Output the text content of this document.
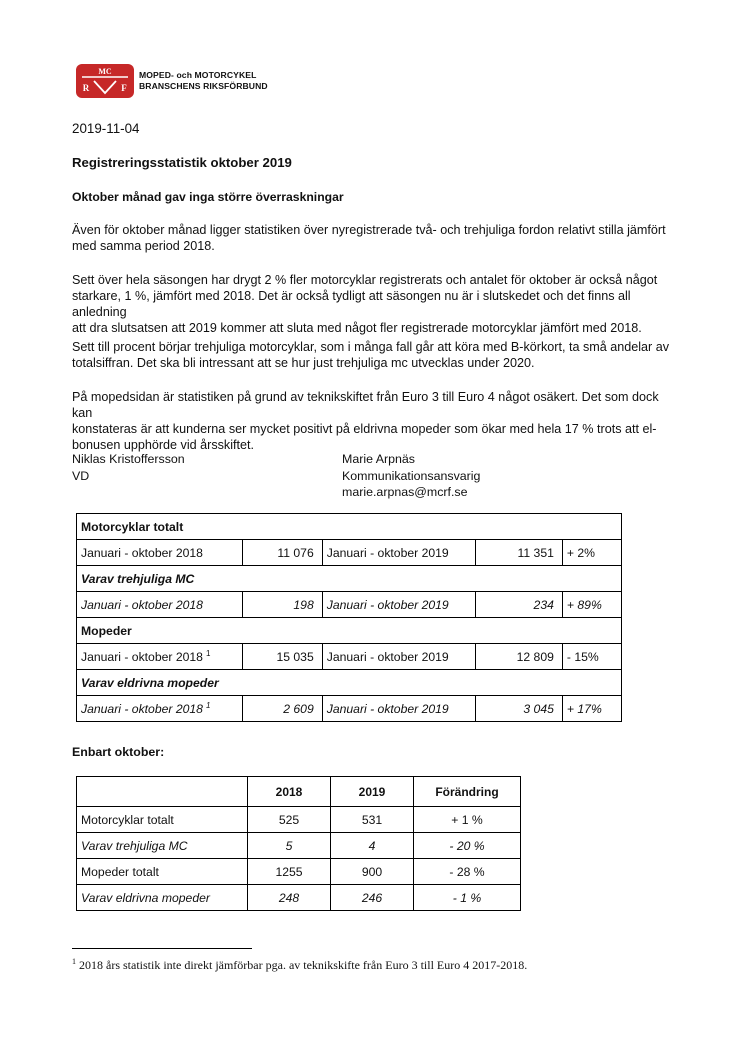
MC
R	F
MOPED- och MOTORCYKEL
BRANSCHENS RIKSFÖRBUND
2019-11-04
Registreringsstatistik oktober 2019
Oktober månad gav inga större överraskningar
Även för oktober månad ligger statistiken över nyregistrerade två- och trehjuliga fordon relativt stilla jämfört
med samma period 2018.
Sett över hela säsongen har drygt 2 % fler motorcyklar registrerats och antalet för oktober är också något
starkare, 1 %, jämfört med 2018. Det är också tydligt att säsongen nu är i slutskedet och det finns all anledning
att dra slutsatsen att 2019 kommer att sluta med något fler registrerade motorcyklar jämfört med 2018.
Sett till procent börjar trehjuliga motorcyklar, som i många fall går att köra med B-körkort, ta små andelar av
totalsiffran. Det ska bli intressant att se hur just trehjuliga mc utvecklas under 2020.
På mopedsidan är statistiken på grund av teknikskiftet från Euro 3 till Euro 4 något osäkert. Det som dock kan
konstateras är att kunderna ser mycket positivt på eldrivna mopeder som ökar med hela 17 % trots att el-
bonusen upphörde vid årsskiftet.
Niklas Kristoffersson
VD
Marie Arpnäs
Kommunikationsansvarig
marie.arpnas@mcrf.se
Motorcyklar totalt				
Januari - oktober 2018	11 076	Januari - oktober 2019	11 351	+ 2%
Varav trehjuliga MC				
Januari - oktober 2018	198	Januari - oktober 2019	234	+ 89%
Mopeder				
Januari - oktober 2018 $^1$	15 035	Januari - oktober 2019	12 809	- 15%
Varav eldrivna mopeder				
Januari - oktober 2018 $^1$	2 609	Januari - oktober 2019	3 045	+ 17%
Enbart oktober:
	2018	2019	Förändring
Motorcyklar totalt	525	531	+ 1 %
Varav trehjuliga MC	5	4	- 20 %
Mopeder totalt	1255	900	- 28 %
Varav eldrivna mopeder	248	246	- 1 %
$^1$ 2018 års statistik inte direkt jämförbar pga. av teknikskifte från Euro 3 till Euro 4 2017-2018.
